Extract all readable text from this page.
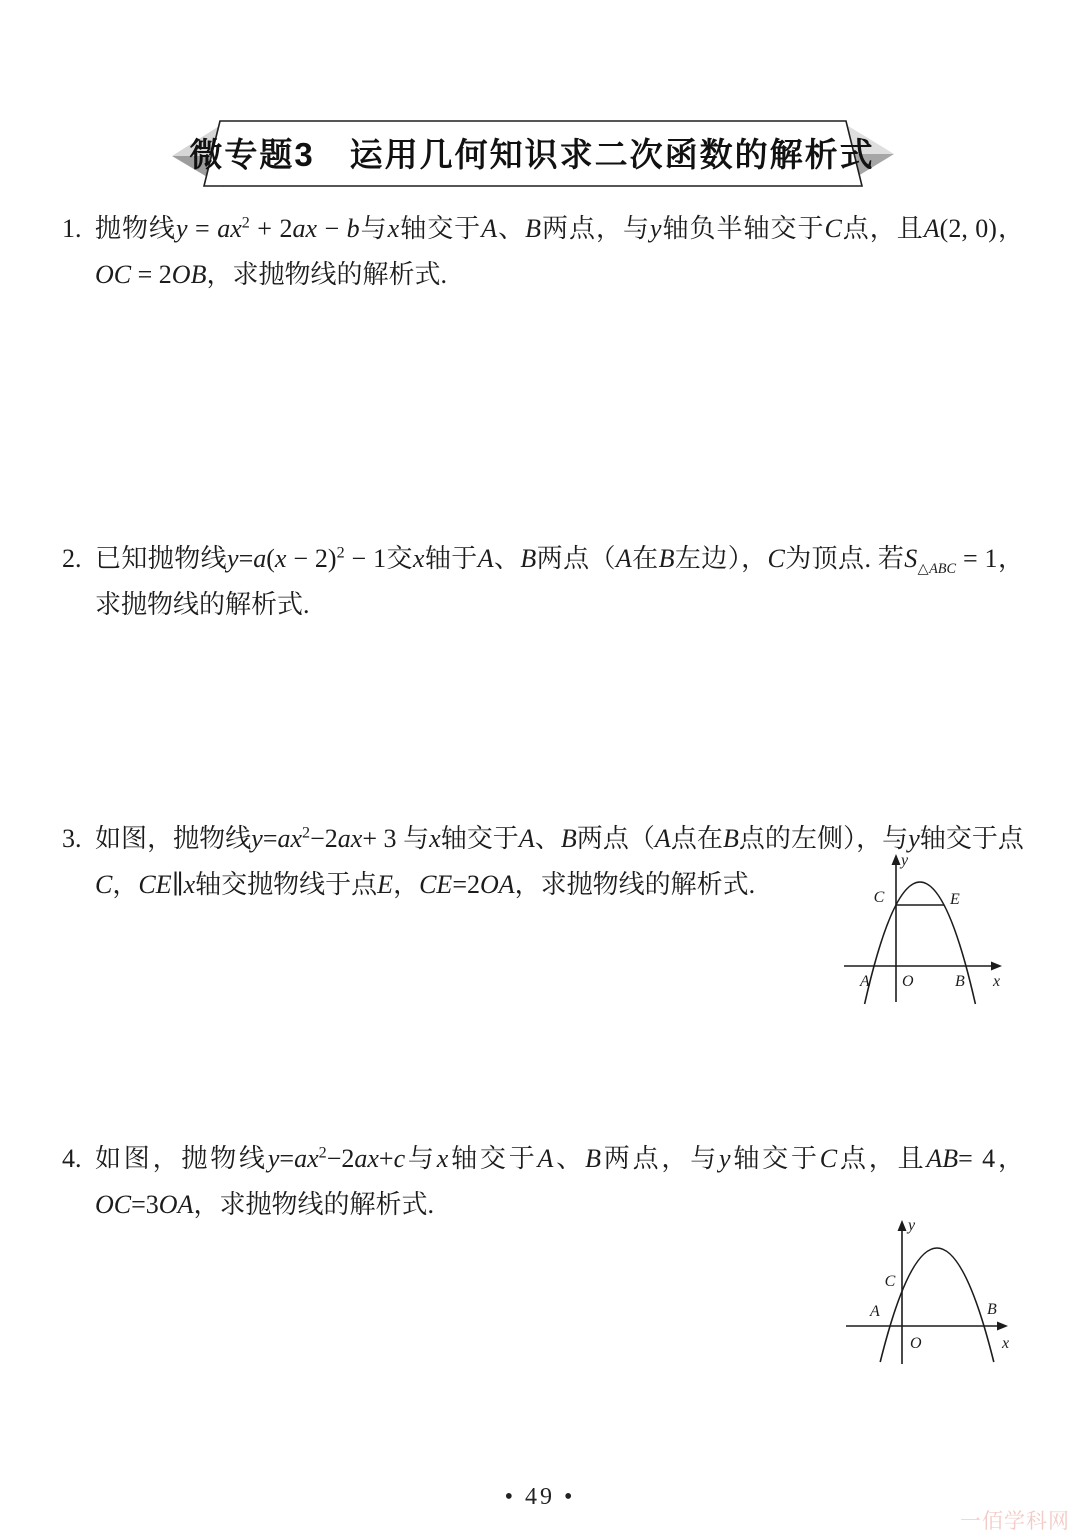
微专题3　运用几何知识求二次函数的解析式
1. 抛物线$y = ax^2 + 2ax - b$与x轴交于A、B两点，与y轴负半轴交于C点，且A(2, 0)，OC = 2OB，求抛物线的解析式.
2. 已知抛物线$y=a(x - 2)^2 - 1$交x轴于A、B两点（A在B左边），C为顶点. 若$S_{\triangle ABC} = 1$，求抛物线的解析式.
3. 如图，抛物线$y=ax^2-2ax+ 3$ 与x轴交于A、B两点（A点在B点的左侧），与y轴交于点C，CE∥x轴交抛物线于点E，CE=2OA，求抛物线的解析式.	C	E
A O	B x
y
4. 如图，抛物线$y=ax^2-2ax+c$与x轴交于A、B两点，与y轴交于C点，且AB= 4，OC=3OA，求抛物线的解析式.
C
A	B
O	x
y
• 49 •
一佰学科网
